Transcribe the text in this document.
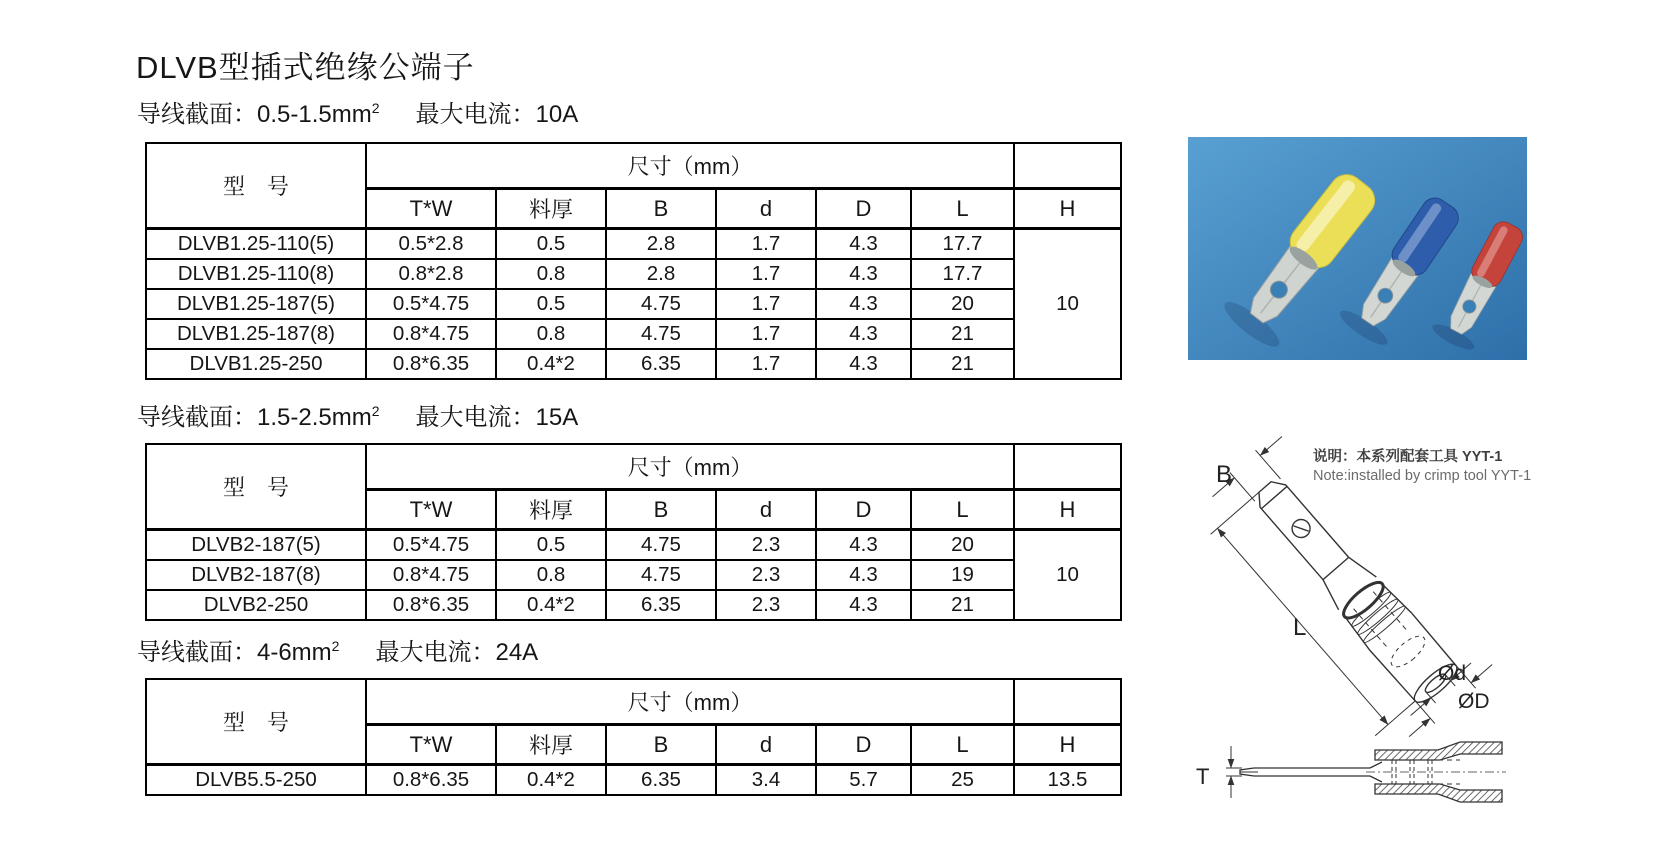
DLVB型插式绝缘公端子
导线截面：$0.5-1.5mm^2$ 最大电流：10A
导线截面：$1.5-2.5mm^2$ 最大电流：15A
导线截面：$4-6mm^2$ 最大电流：24A
型　号	尺寸（mm）						
	T*W	料厚	B	d	D	L	H
DLVB1.25-110(5)	0.5*2.8	0.5	2.8	1.7	4.3	17.7	10
DLVB1.25-110(8)	0.8*2.8	0.8	2.8	1.7	4.3	17.7	
DLVB1.25-187(5)	0.5*4.75	0.5	4.75	1.7	4.3	20	
DLVB1.25-187(8)	0.8*4.75	0.8	4.75	1.7	4.3	21	
DLVB1.25-250	0.8*6.35	0.4*2	6.35	1.7	4.3	21	
型　号	尺寸（mm）						
	T*W	料厚	B	d	D	L	H
DLVB2-187(5)	0.5*4.75	0.5	4.75	2.3	4.3	20	10
DLVB2-187(8)	0.8*4.75	0.8	4.75	2.3	4.3	19	
DLVB2-250	0.8*6.35	0.4*2	6.35	2.3	4.3	21	
型　号	尺寸（mm）						
	T*W	料厚	B	d	D	L	H
DLVB5.5-250	0.8*6.35	0.4*2	6.35	3.4	5.7	25	13.5
说明：本系列配套工具 YYT-1
Note:installed by crimp tool YYT-1
B
L
Ød
ØD
T
